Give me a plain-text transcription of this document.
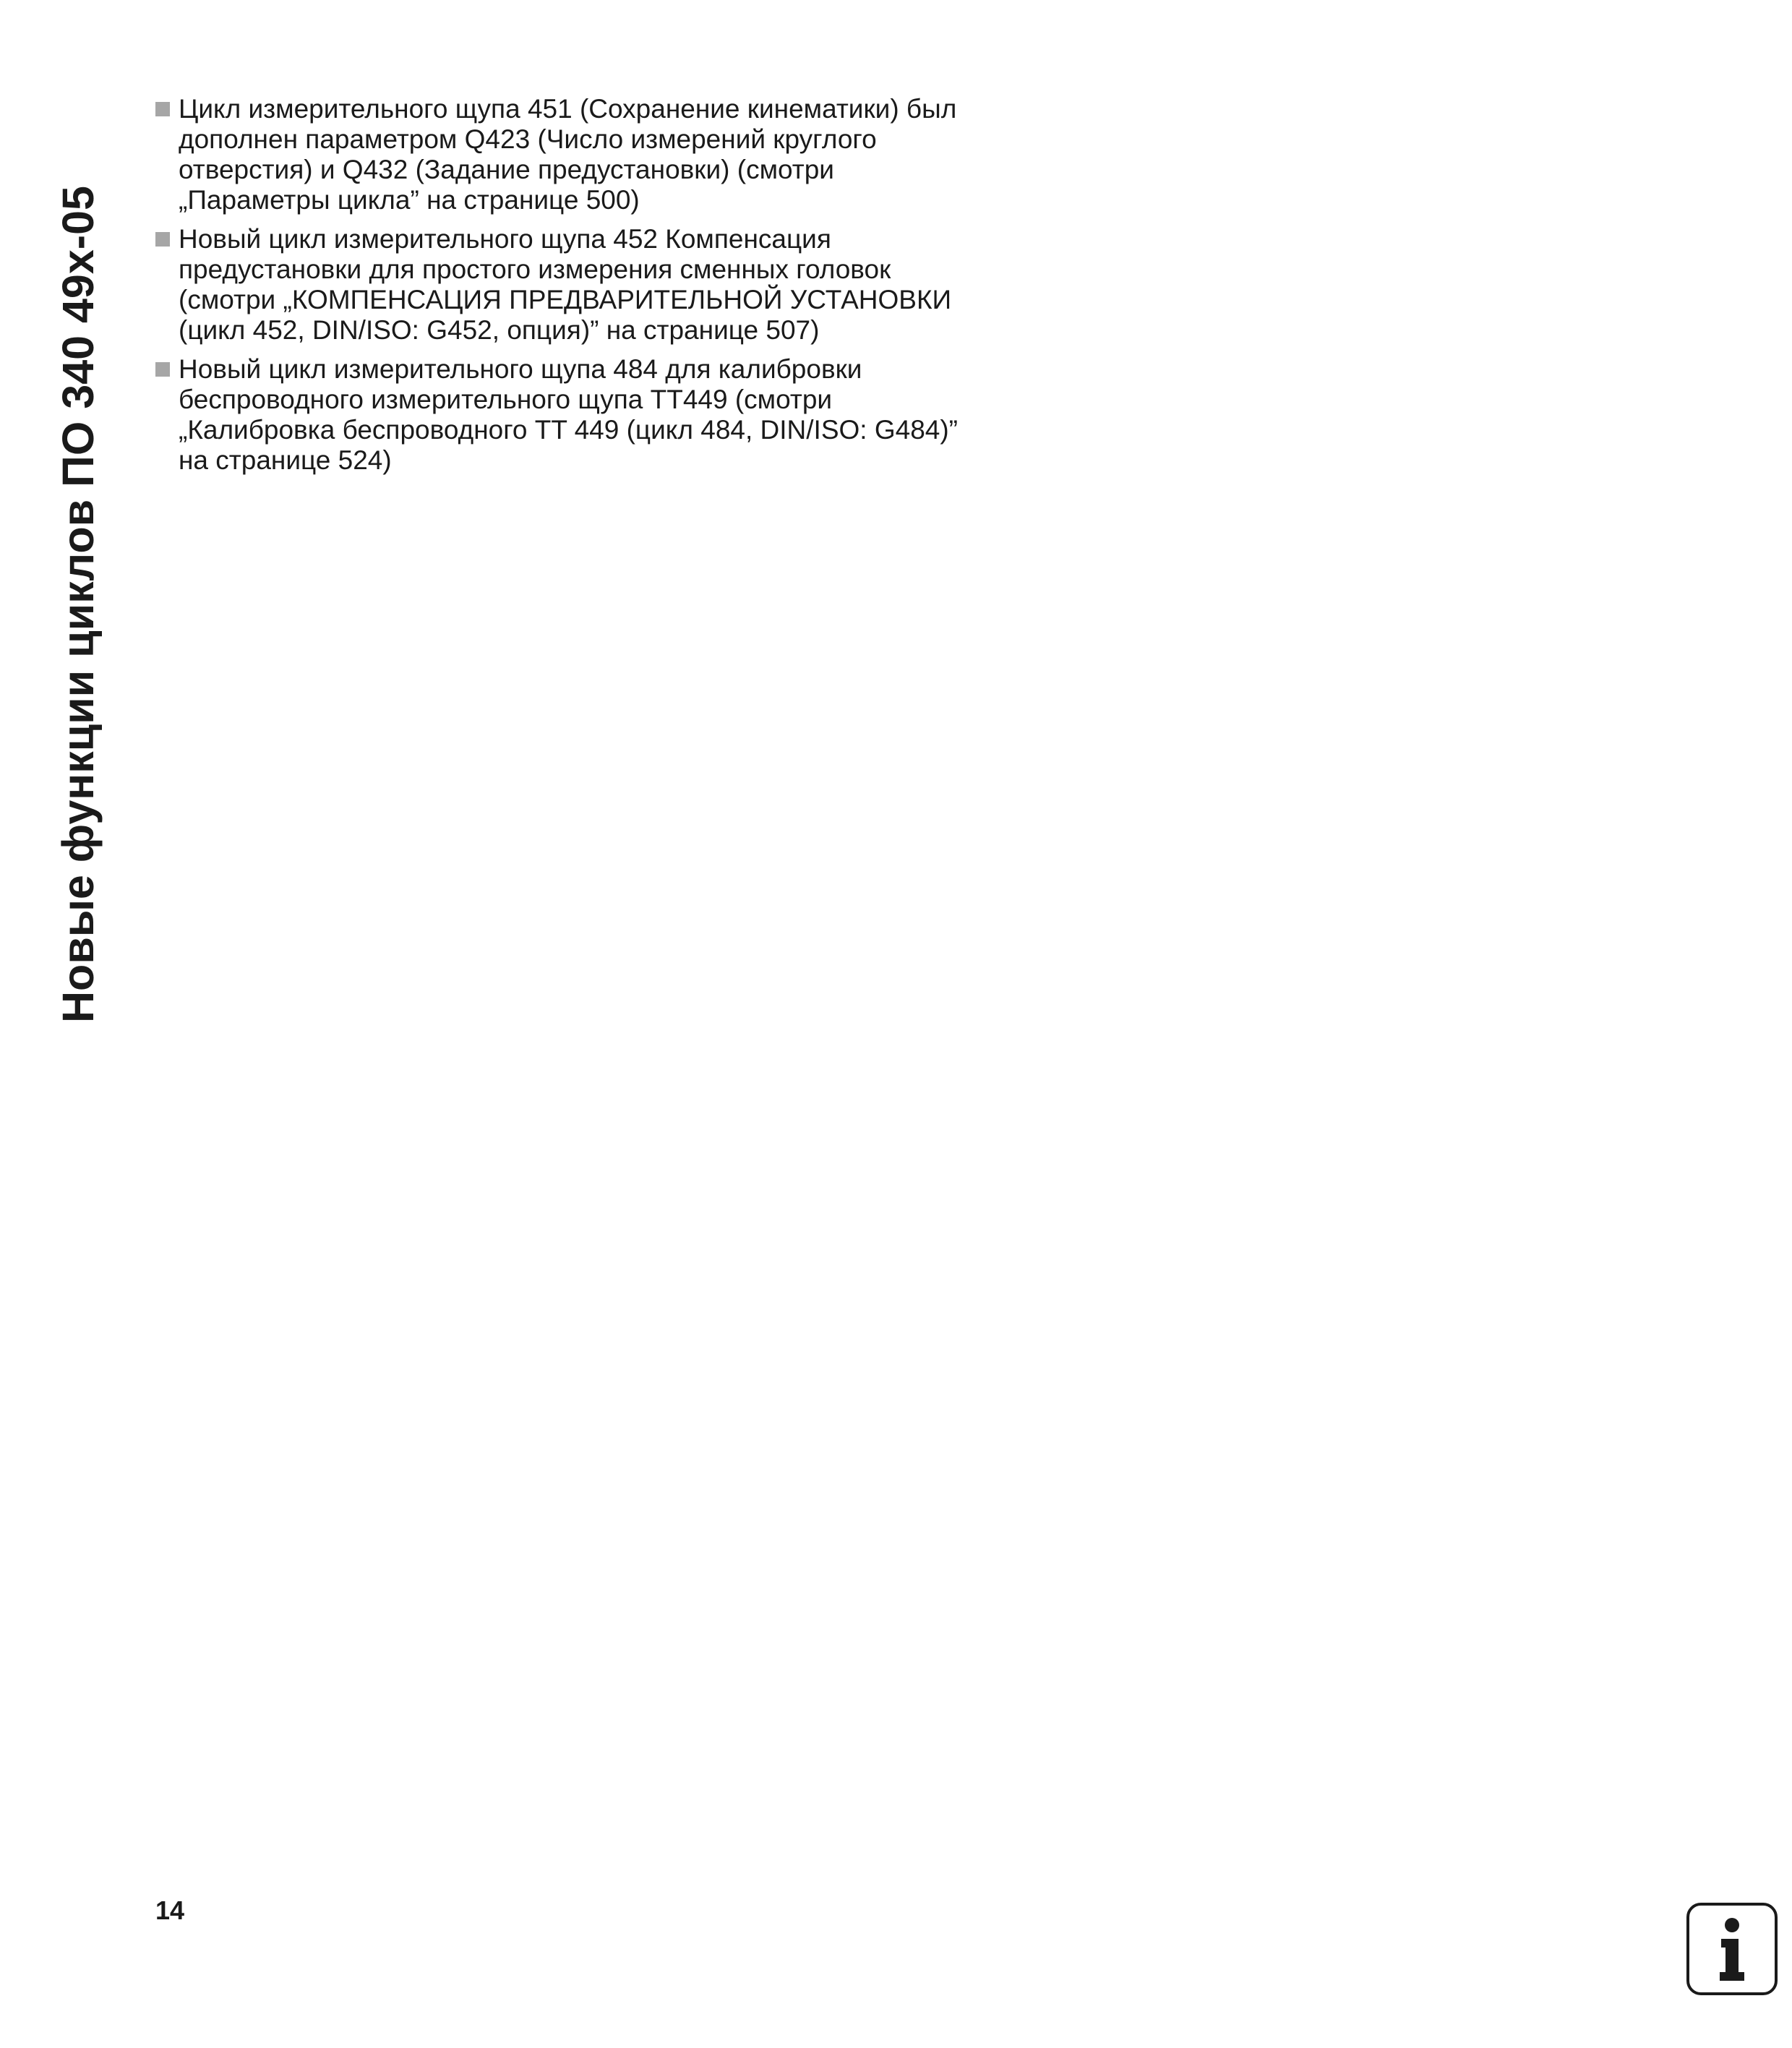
Новые функции циклов ПО 340 49x-05
Цикл измерительного щупа 451 (Сохранение кинематики) был
дополнен параметром Q423 (Число измерений круглого
отверстия) и Q432 (Задание предустановки) (смотри
„Параметры цикла” на странице 500)
Новый цикл измерительного щупа 452 Компенсация
предустановки для простого измерения сменных головок
(смотри „КОМПЕНСАЦИЯ ПРЕДВАРИТЕЛЬНОЙ УСТАНОВКИ
(цикл 452, DIN/ISO: G452, опция)” на странице 507)
Новый цикл измерительного щупа 484 для калибровки
беспроводного измерительного щупа TT449 (смотри
„Калибровка беспроводного TT 449 (цикл 484, DIN/ISO: G484)”
на странице 524)
14
